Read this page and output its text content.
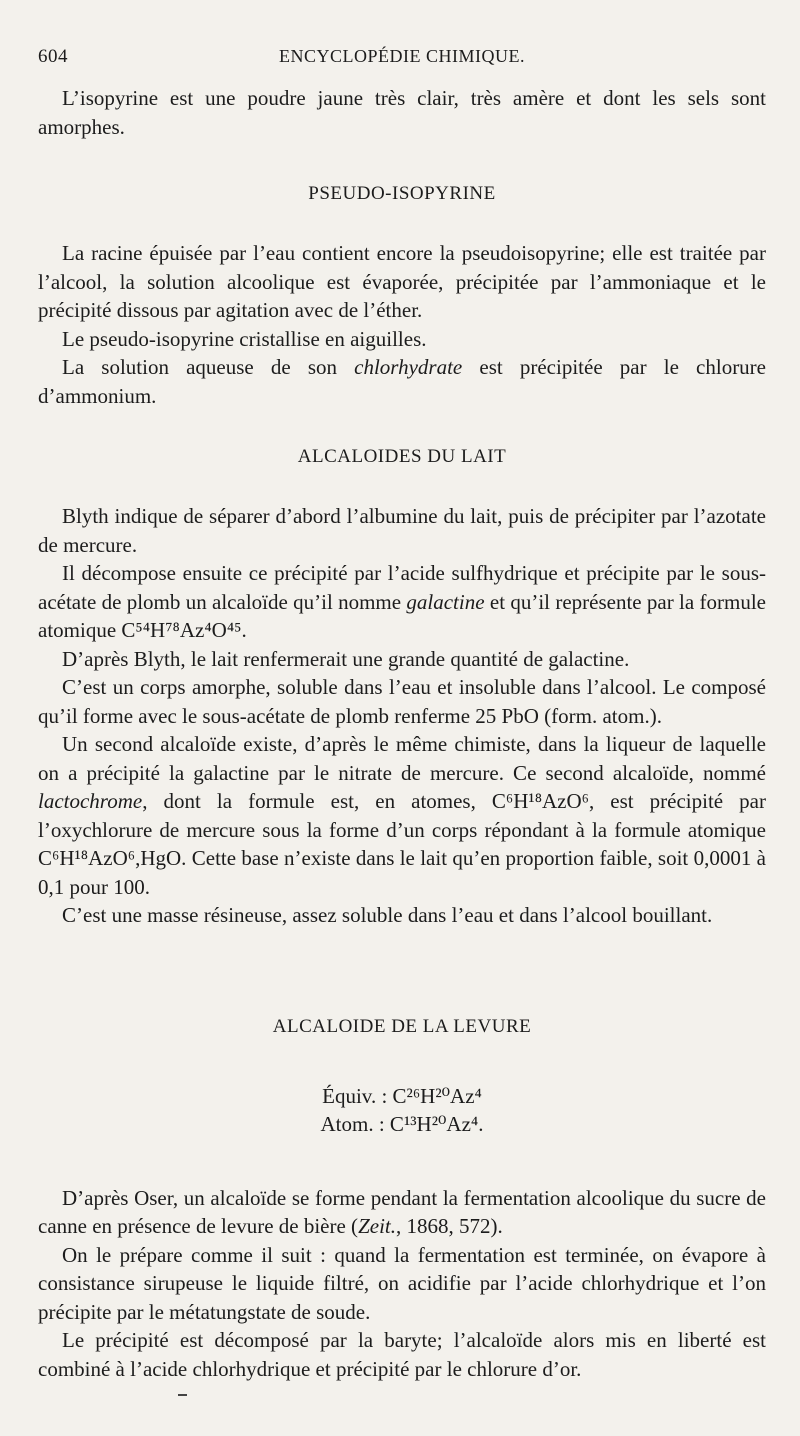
604	ENCYCLOPÉDIE CHIMIQUE.

L’isopyrine est une poudre jaune très clair, très amère et dont les sels sont amorphes.

PSEUDO-ISOPYRINE

La racine épuisée par l’eau contient encore la pseudoisopyrine; elle est traitée par l’alcool, la solution alcoolique est évaporée, précipitée par l’ammoniaque et le précipité dissous par agitation avec de l’éther.

Le pseudo-isopyrine cristallise en aiguilles.

La solution aqueuse de son chlorhydrate est précipitée par le chlorure d’ammonium.

ALCALOIDES DU LAIT

Blyth indique de séparer d’abord l’albumine du lait, puis de précipiter par l’azotate de mercure.

Il décompose ensuite ce précipité par l’acide sulfhydrique et précipite par le sous-acétate de plomb un alcaloïde qu’il nomme galactine et qu’il représente par la formule atomique C⁵⁴H⁷⁸Az⁴O⁴⁵.

D’après Blyth, le lait renfermerait une grande quantité de galactine.

C’est un corps amorphe, soluble dans l’eau et insoluble dans l’alcool. Le composé qu’il forme avec le sous-acétate de plomb renferme 25 PbO (form. atom.).

Un second alcaloïde existe, d’après le même chimiste, dans la liqueur de laquelle on a précipité la galactine par le nitrate de mercure. Ce second alcaloïde, nommé lactochrome, dont la formule est, en atomes, C⁶H¹⁸AzO⁶, est précipité par l’oxychlorure de mercure sous la forme d’un corps répondant à la formule atomique C⁶H¹⁸AzO⁶,HgO. Cette base n’existe dans le lait qu’en proportion faible, soit 0,0001 à 0,1 pour 100.

C’est une masse résineuse, assez soluble dans l’eau et dans l’alcool bouillant.

ALCALOIDE DE LA LEVURE
Équiv. : C²⁶H²⁰Az⁴
Atom. : C¹³H²⁰Az⁴.

D’après Oser, un alcaloïde se forme pendant la fermentation alcoolique du sucre de canne en présence de levure de bière (Zeit., 1868, 572).

On le prépare comme il suit : quand la fermentation est terminée, on évapore à consistance sirupeuse le liquide filtré, on acidifie par l’acide chlorhydrique et l’on précipite par le métatungstate de soude.

Le précipité est décomposé par la baryte; l’alcaloïde alors mis en liberté est combiné à l’acide chlorhydrique et précipité par le chlorure d’or.
